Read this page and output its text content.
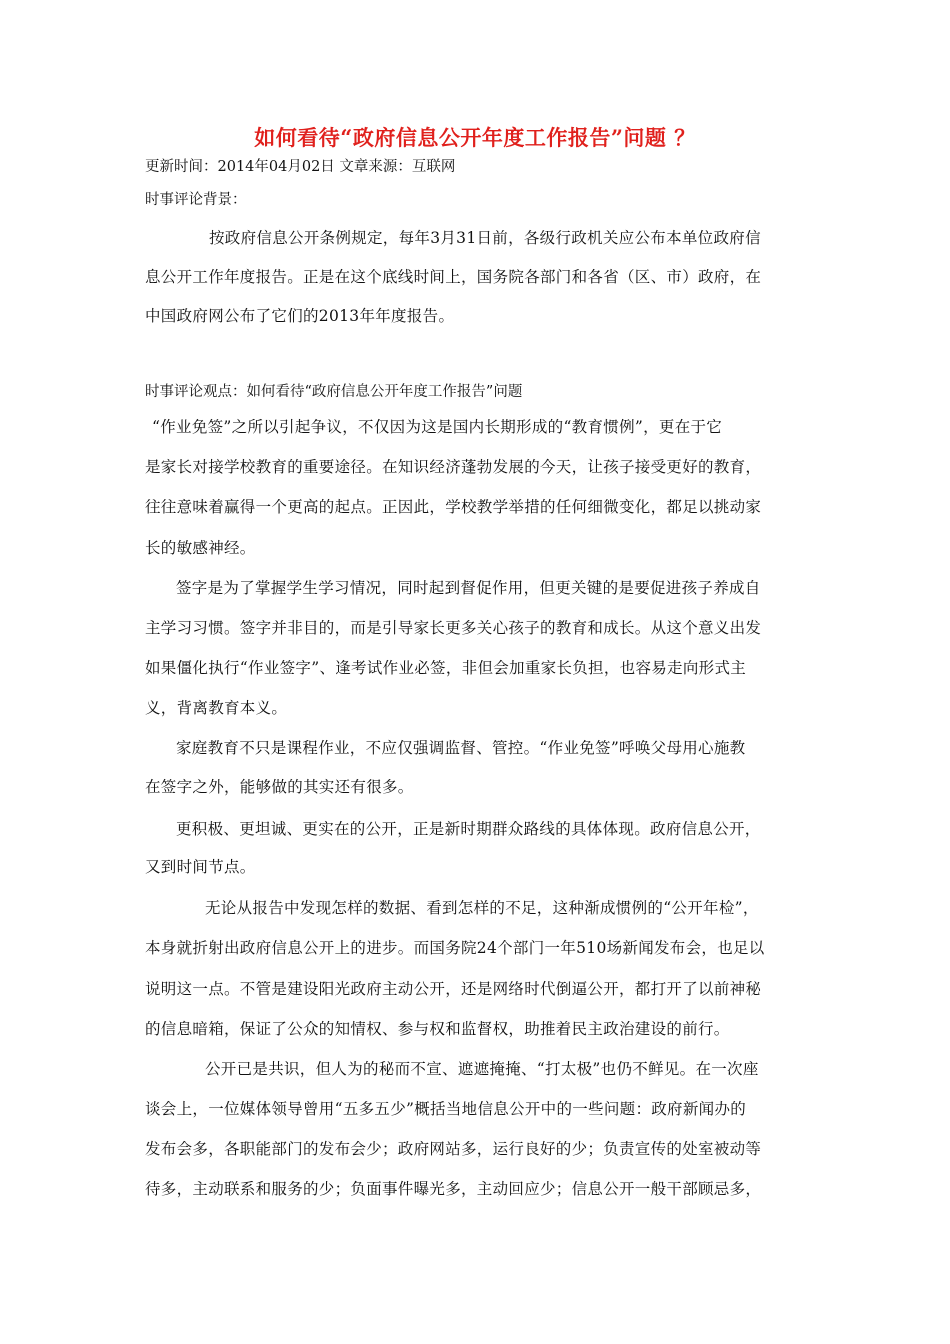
如何看待“政府信息公开年度工作报告”问题 ？
更新时间：2014年04月02日 文章来源：互联网
时事评论背景：
按政府信息公开条例规定，每年3月31日前，各级行政机关应公布本单位政府信
息公开工作年度报告。正是在这个底线时间上，国务院各部门和各省（区、市）政府，在
中国政府网公布了它们的2013年年度报告。
时事评论观点：如何看待“政府信息公开年度工作报告”问题
“作业免签”之所以引起争议，不仅因为这是国内长期形成的“教育惯例”，更在于它
是家长对接学校教育的重要途径。在知识经济蓬勃发展的今天，让孩子接受更好的教育，
往往意味着赢得一个更高的起点。正因此，学校教学举措的任何细微变化，都足以挑动家
长的敏感神经。
签字是为了掌握学生学习情况，同时起到督促作用，但更关键的是要促进孩子养成自
主学习习惯。签字并非目的，而是引导家长更多关心孩子的教育和成长。从这个意义出发
如果僵化执行“作业签字”、逢考试作业必签，非但会加重家长负担，也容易走向形式主
义，背离教育本义。
家庭教育不只是课程作业，不应仅强调监督、管控。“作业免签”呼唤父母用心施教
在签字之外，能够做的其实还有很多。
更积极、更坦诚、更实在的公开，正是新时期群众路线的具体体现。政府信息公开，
又到时间节点。
无论从报告中发现怎样的数据、看到怎样的不足，这种渐成惯例的“公开年检”，
本身就折射出政府信息公开上的进步。而国务院24个部门一年510场新闻发布会，也足以
说明这一点。不管是建设阳光政府主动公开，还是网络时代倒逼公开，都打开了以前神秘
的信息暗箱，保证了公众的知情权、参与权和监督权，助推着民主政治建设的前行。
公开已是共识，但人为的秘而不宣、遮遮掩掩、“打太极”也仍不鲜见。在一次座
谈会上，一位媒体领导曾用“五多五少”概括当地信息公开中的一些问题：政府新闻办的
发布会多，各职能部门的发布会少；政府网站多，运行良好的少；负责宣传的处室被动等
待多，主动联系和服务的少；负面事件曝光多，主动回应少；信息公开一般干部顾忌多，
